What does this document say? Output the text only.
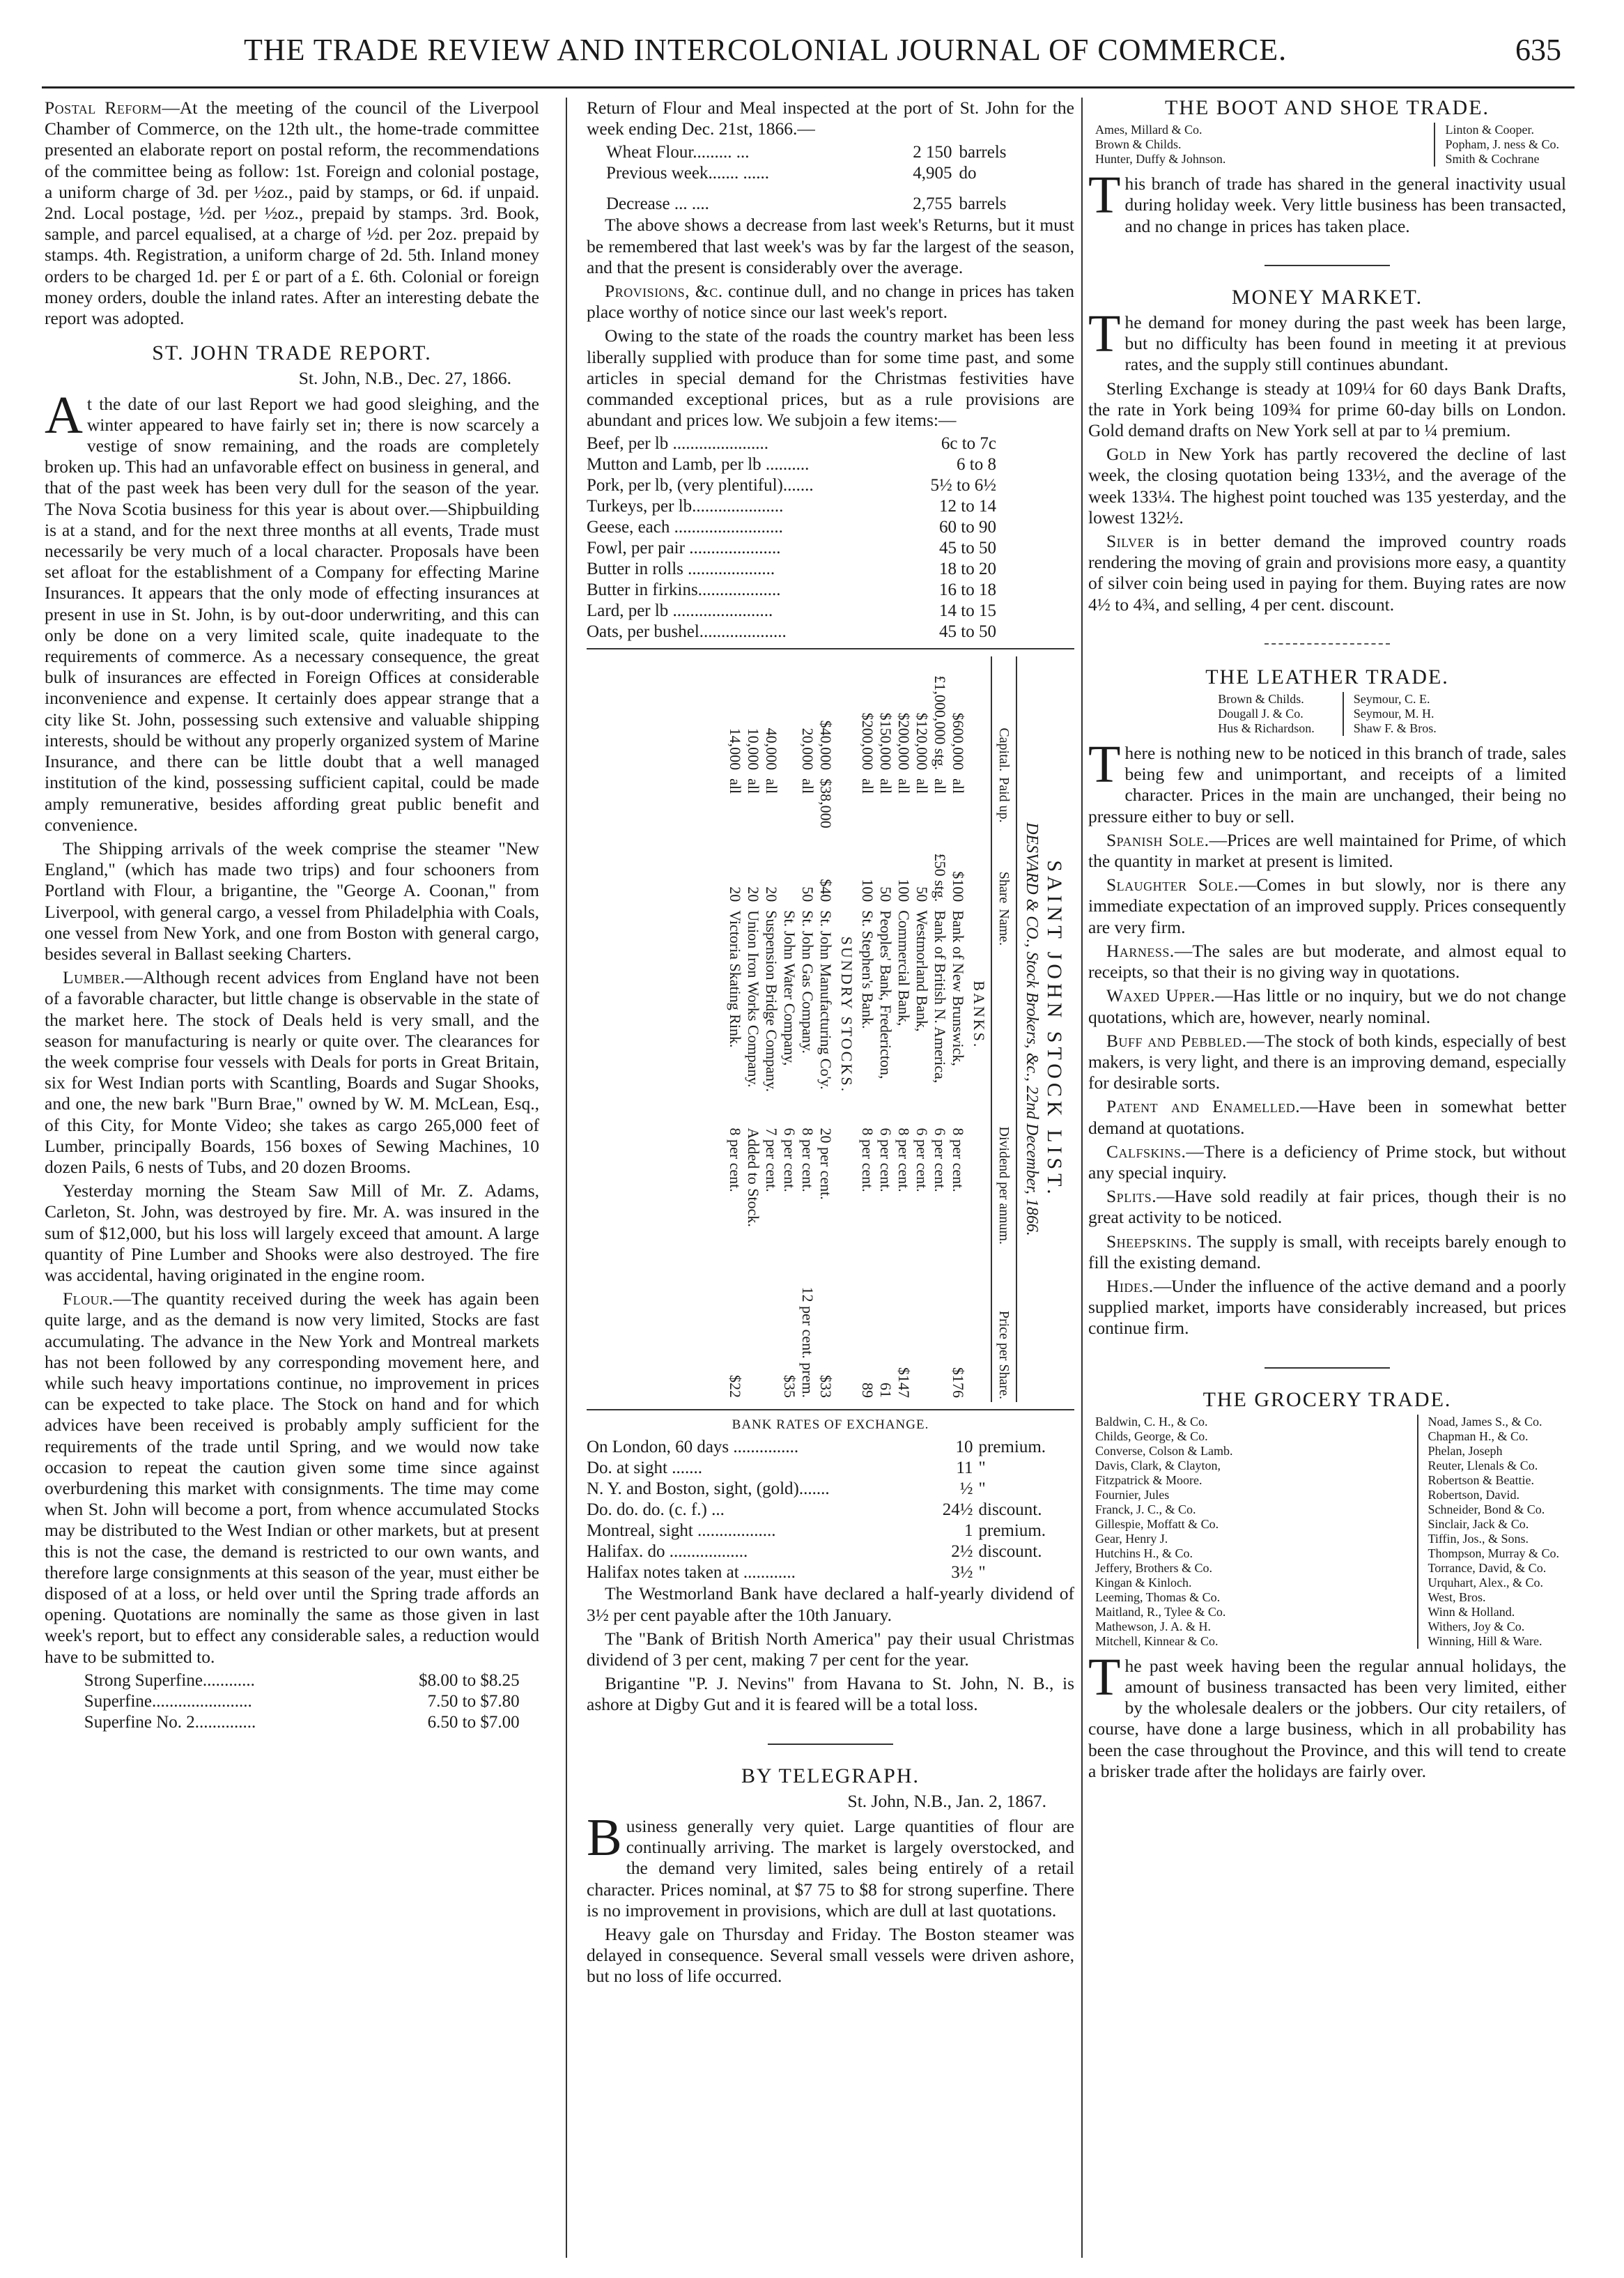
THE TRADE REVIEW AND INTERCOLONIAL JOURNAL OF COMMERCE.	635

Postal Reform—At the meeting of the council of the Liverpool Chamber of Commerce, on the 12th ult., the home-trade committee presented an elaborate report on postal reform, the recommendations of the committee being as follow: 1st. Foreign and colonial postage, a uniform charge of 3d. per ½oz., paid by stamps, or 6d. if unpaid. 2nd. Local postage, ½d. per ½oz., prepaid by stamps. 3rd. Book, sample, and parcel equalised, at a charge of ½d. per 2oz. prepaid by stamps. 4th. Registration, a uniform charge of 2d. 5th. Inland money orders to be charged 1d. per £ or part of a £. 6th. Colonial or foreign money orders, double the inland rates. After an interesting debate the report was adopted.

ST. JOHN TRADE REPORT.
St. John, N.B., Dec. 27, 1866.

At the date of our last Report we had good sleighing, and the winter appeared to have fairly set in; there is now scarcely a vestige of snow remaining, and the roads are completely broken up. This had an unfavorable effect on business in general, and that of the past week has been very dull for the season of the year. The Nova Scotia business for this year is about over.—Shipbuilding is at a stand, and for the next three months at all events, Trade must necessarily be very much of a local character. Proposals have been set afloat for the establishment of a Company for effecting Marine Insurances. It appears that the only mode of effecting insurances at present in use in St. John, is by out-door underwriting, and this can only be done on a very limited scale, quite inadequate to the requirements of commerce. As a necessary consequence, the great bulk of insurances are effected in Foreign Offices at considerable inconvenience and expense. It certainly does appear strange that a city like St. John, possessing such extensive and valuable shipping interests, should be without any properly organized system of Marine Insurance, and there can be little doubt that a well managed institution of the kind, possessing sufficient capital, could be made amply remunerative, besides affording great public benefit and convenience.

The Shipping arrivals of the week comprise the steamer "New England," (which has made two trips) and four schooners from Portland with Flour, a brigantine, the "George A. Coonan," from Liverpool, with general cargo, a vessel from Philadelphia with Coals, one vessel from New York, and one from Boston with general cargo, besides several in Ballast seeking Charters.

Lumber.—Although recent advices from England have not been of a favorable character, but little change is observable in the state of the market here. The stock of Deals held is very small, and the season for manufacturing is nearly or quite over. The clearances for the week comprise four vessels with Deals for ports in Great Britain, six for West Indian ports with Scantling, Boards and Sugar Shooks, and one, the new bark "Burn Brae," owned by W. M. McLean, Esq., of this City, for Monte Video; she takes as cargo 265,000 feet of Lumber, principally Boards, 156 boxes of Sewing Machines, 10 dozen Pails, 6 nests of Tubs, and 20 dozen Brooms.

Yesterday morning the Steam Saw Mill of Mr. Z. Adams, Carleton, St. John, was destroyed by fire. Mr. A. was insured in the sum of $12,000, but his loss will largely exceed that amount. A large quantity of Pine Lumber and Shooks were also destroyed. The fire was accidental, having originated in the engine room.

Flour.—The quantity received during the week has again been quite large, and as the demand is now very limited, Stocks are fast accumulating. The advance in the New York and Montreal markets has not been followed by any corresponding movement here, and while such heavy importations continue, no improvement in prices can be expected to take place. The Stock on hand and for which advices have been received is probably amply sufficient for the requirements of the trade until Spring, and we would now take occasion to repeat the caution given some time since against overburdening this market with consignments. The time may come when St. John will become a port, from whence accumulated Stocks may be distributed to the West Indian or other markets, but at present this is not the case, the demand is restricted to our own wants, and therefore large consignments at this season of the year, must either be disposed of at a loss, or held over until the Spring trade affords an opening. Quotations are nominally the same as those given in last week's report, but to effect any considerable sales, a reduction would have to be submitted to.

Strong Superfine............	$8.00 to $8.25
Superfine.......................	7.50 to $7.80
Superfine No. 2..............	6.50 to $7.00

Return of Flour and Meal inspected at the port of St. John for the week ending Dec. 21st, 1866.—

Wheat Flour......... ...	2 150	barrels
Previous week....... ......	4,905	do
Decrease ... ....	2,755	barrels

The above shows a decrease from last week's Returns, but it must be remembered that last week's was by far the largest of the season, and that the present is considerably over the average.

Provisions, &c. continue dull, and no change in prices has taken place worthy of notice since our last week's report.

Owing to the state of the roads the country market has been less liberally supplied with produce than for some time past, and some articles in special demand for the Christmas festivities have commanded exceptional prices, but as a rule provisions are abundant and prices low. We subjoin a few items:—

Beef, per lb ......................	6c to 7c
Mutton and Lamb, per lb ..........	6 to 8
Pork, per lb, (very plentiful).......	5½ to 6½
Turkeys, per lb.....................	12 to 14
Geese, each .........................	60 to 90
Fowl, per pair .....................	45 to 50
Butter in rolls ....................	18 to 20
Butter in firkins...................	16 to 18
Lard, per lb .......................	14 to 15
Oats, per bushel....................	45 to 50
SAINT JOHN STOCK LIST.
DESVARD & CO., Stock Brokers, &c., 22nd December, 1866.
Capital.	Paid up.	Share	Name.	Dividend per annum.	Price per Share.
			BANKS.		
$600,000	all	$100	Bank of New Brunswick,	8 per cent.	$176
£1,000,000 stg.	all	£50 stg.	Bank of British N. America,	6 per cent.	
$120,000	all	50	Westmorland Bank,	6 per cent.	
$200,000	all	100	Commercial Bank,	8 per cent.	$147
$150,000	all	50	Peoples' Bank, Fredericton,	6 per cent.	61
$200,000	all	100	St. Stephen's Bank.	8 per cent.	89
			SUNDRY STOCKS.		
$40,000	$38,000	$40	St. John Manufacturing Co'y.	20 per cent.	$33
20,000	all	50	St. John Gas Company.	8 per cent.	12 per cent. prem.
			St. John Water Company,	6 per cent.	$35
40,000	all	20	Suspension Bridge Company.	7 per cent.	
10,000	all	20	Union Iron Works Company.	Added to Stock.	
14,000	all	20	Victoria Skating Rink.	8 per cent.	$22
BANK RATES OF EXCHANGE.
On London, 60 days ...............	10	premium.
Do. at sight .......	11	"
N. Y. and Boston, sight, (gold).......	½	"
Do. do. do. (c. f.) ...	24½	discount.
Montreal, sight ..................	1	premium.
Halifax. do ..................	2½	discount.
Halifax notes taken at ............	3½	"

The Westmorland Bank have declared a half-yearly dividend of 3½ per cent payable after the 10th January.

The "Bank of British North America" pay their usual Christmas dividend of 3 per cent, making 7 per cent for the year.

Brigantine "P. J. Nevins" from Havana to St. John, N. B., is ashore at Digby Gut and it is feared will be a total loss.

BY TELEGRAPH.
St. John, N.B., Jan. 2, 1867.

Business generally very quiet. Large quantities of flour are continually arriving. The market is largely overstocked, and the demand very limited, sales being entirely of a retail character. Prices nominal, at $7 75 to $8 for strong superfine. There is no improvement in provisions, which are dull at last quotations.

Heavy gale on Thursday and Friday. The Boston steamer was delayed in consequence. Several small vessels were driven ashore, but no loss of life occurred.

THE BOOT AND SHOE TRADE.
Ames, Millard & Co.
Brown & Childs.
Hunter, Duffy & Johnson.
Linton & Cooper.
Popham, J. ness & Co.
Smith & Cochrane

This branch of trade has shared in the general inactivity usual during holiday week. Very little business has been transacted, and no change in prices has taken place.

MONEY MARKET.

The demand for money during the past week has been large, but no difficulty has been found in meeting it at previous rates, and the supply still continues abundant.

Sterling Exchange is steady at 109¼ for 60 days Bank Drafts, the rate in York being 109¾ for prime 60-day bills on London. Gold demand drafts on New York sell at par to ¼ premium.

Gold in New York has partly recovered the decline of last week, the closing quotation being 133½, and the average of the week 133¼. The highest point touched was 135 yesterday, and the lowest 132½.

Silver is in better demand the improved country roads rendering the moving of grain and provisions more easy, a quantity of silver coin being used in paying for them. Buying rates are now 4½ to 4¾, and selling, 4 per cent. discount.

THE LEATHER TRADE.
Brown & Childs.
Dougall J. & Co.
Hus & Richardson.
Seymour, C. E.
Seymour, M. H.
Shaw F. & Bros.

There is nothing new to be noticed in this branch of trade, sales being few and unimportant, and receipts of a limited character. Prices in the main are unchanged, their being no pressure either to buy or sell.

Spanish Sole.—Prices are well maintained for Prime, of which the quantity in market at present is limited.

Slaughter Sole.—Comes in but slowly, nor is there any immediate expectation of an improved supply. Prices consequently are very firm.

Harness.—The sales are but moderate, and almost equal to receipts, so that their is no giving way in quotations.

Waxed Upper.—Has little or no inquiry, but we do not change quotations, which are, however, nearly nominal.

Buff and Pebbled.—The stock of both kinds, especially of best makers, is very light, and there is an improving demand, especially for desirable sorts.

Patent and Enamelled.—Have been in somewhat better demand at quotations.

Calfskins.—There is a deficiency of Prime stock, but without any special inquiry.

Splits.—Have sold readily at fair prices, though their is no great activity to be noticed.

Sheepskins. The supply is small, with receipts barely enough to fill the existing demand.

Hides.—Under the influence of the active demand and a poorly supplied market, imports have considerably increased, but prices continue firm.

THE GROCERY TRADE.
Baldwin, C. H., & Co.
Childs, George, & Co.
Converse, Colson & Lamb.
Davis, Clark, & Clayton,
Fitzpatrick & Moore.
Fournier, Jules
Franck, J. C., & Co.
Gillespie, Moffatt & Co.
Gear, Henry J.
Hutchins H., & Co.
Jeffery, Brothers & Co.
Kingan & Kinloch.
Leeming, Thomas & Co.
Maitland, R., Tylee & Co.
Mathewson, J. A. & H.
Mitchell, Kinnear & Co.
Noad, James S., & Co.
Chapman H., & Co.
Phelan, Joseph
Reuter, Llenals & Co.
Robertson & Beattie.
Robertson, David.
Schneider, Bond & Co.
Sinclair, Jack & Co.
Tiffin, Jos., & Sons.
Thompson, Murray & Co.
Torrance, David, & Co.
Urquhart, Alex., & Co.
West, Bros.
Winn & Holland.
Withers, Joy & Co.
Winning, Hill & Ware.

The past week having been the regular annual holidays, the amount of business transacted has been very limited, either by the wholesale dealers or the jobbers. Our city retailers, of course, have done a large business, which in all probability has been the case throughout the Province, and this will tend to create a brisker trade after the holidays are fairly over.
